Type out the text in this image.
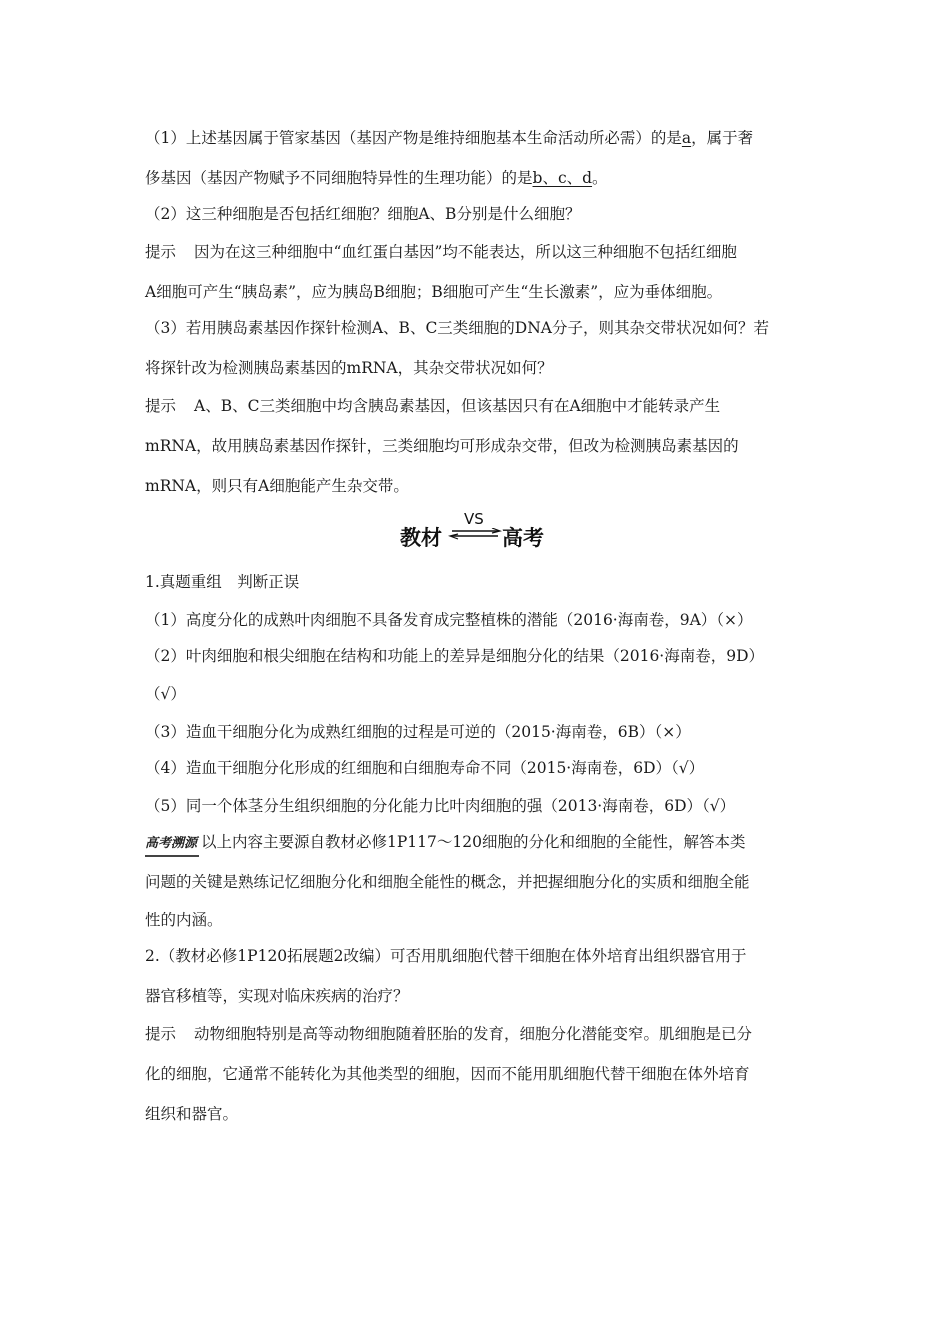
（1）上述基因属于管家基因（基因产物是维持细胞基本生命活动所必需）的是a，属于奢
侈基因（基因产物赋予不同细胞特异性的生理功能）的是b、c、d。
（2）这三种细胞是否包括红细胞？细胞A、B分别是什么细胞？
提示 因为在这三种细胞中“血红蛋白基因”均不能表达，所以这三种细胞不包括红细胞
A细胞可产生“胰岛素”，应为胰岛B细胞；B细胞可产生“生长激素”，应为垂体细胞。
（3）若用胰岛素基因作探针检测A、B、C三类细胞的DNA分子，则其杂交带状况如何？若
将探针改为检测胰岛素基因的mRNA，其杂交带状况如何？
提示 A、B、C三类细胞中均含胰岛素基因，但该基因只有在A细胞中才能转录产生
mRNA，故用胰岛素基因作探针，三类细胞均可形成杂交带，但改为检测胰岛素基因的
mRNA，则只有A细胞能产生杂交带。
教材
VS
高考
1.真题重组　判断正误
（1）高度分化的成熟叶肉细胞不具备发育成完整植株的潜能（2016·海南卷，9A）（×）
（2）叶肉细胞和根尖细胞在结构和功能上的差异是细胞分化的结果（2016·海南卷，9D）
（√）
（3）造血干细胞分化为成熟红细胞的过程是可逆的（2015·海南卷，6B）（×）
（4）造血干细胞分化形成的红细胞和白细胞寿命不同（2015·海南卷，6D）（√）
（5）同一个体茎分生组织细胞的分化能力比叶肉细胞的强（2013·海南卷，6D）（√）
高考溯源 以上内容主要源自教材必修1P117～120细胞的分化和细胞的全能性，解答本类
问题的关键是熟练记忆细胞分化和细胞全能性的概念，并把握细胞分化的实质和细胞全能
性的内涵。
2.（教材必修1P120拓展题2改编）可否用肌细胞代替干细胞在体外培育出组织器官用于
器官移植等，实现对临床疾病的治疗？
提示 动物细胞特别是高等动物细胞随着胚胎的发育，细胞分化潜能变窄。肌细胞是已分
化的细胞，它通常不能转化为其他类型的细胞，因而不能用肌细胞代替干细胞在体外培育
组织和器官。
